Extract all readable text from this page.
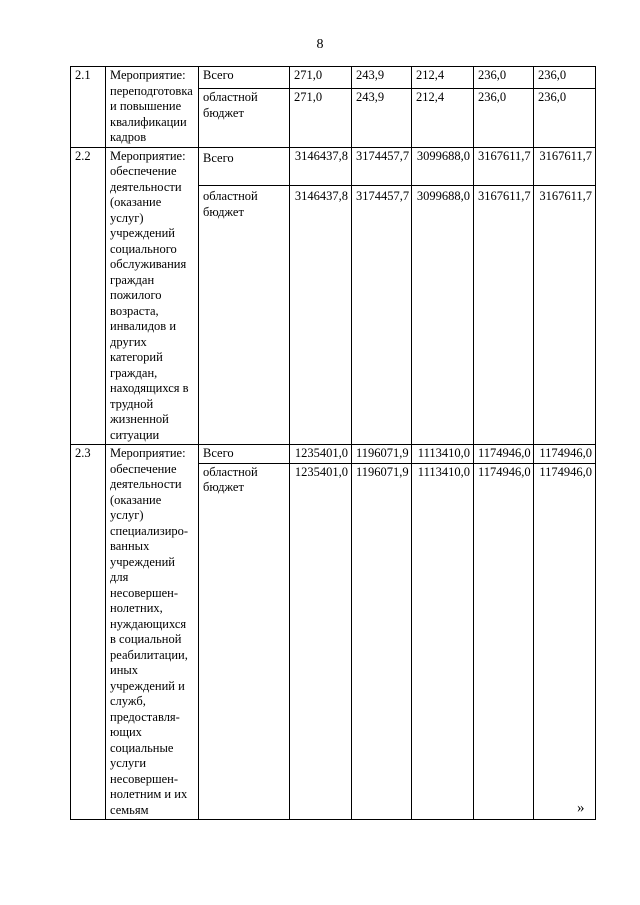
8
2.1	Мероприятие: переподготовка и повышение квалификации кадров	Всего	271,0	243,9	212,4	236,0	236,0
		областной бюджет	271,0	243,9	212,4	236,0	236,0
2.2	Мероприятие: обеспечение деятельности (оказание услуг) учреждений социального обслуживания граждан пожилого возраста, инвалидов и других категорий граждан, находящихся в трудной жизненной ситуации	Всего	3146437,8	3174457,7	3099688,0	3167611,7	3167611,7
		областной бюджет	3146437,8	3174457,7	3099688,0	3167611,7	3167611,7
2.3	Мероприятие: обеспечение деятельности (оказание услуг) специализиро-ванных учреждений для несовершен-нолетних, нуждающихся в социальной реабилитации, иных учреждений и служб, предоставля-ющих социальные услуги несовершен-нолетним и их семьям	Всего	1235401,0	1196071,9	1113410,0	1174946,0	1174946,0
		областной бюджет	1235401,0	1196071,9	1113410,0	1174946,0	1174946,0
»
